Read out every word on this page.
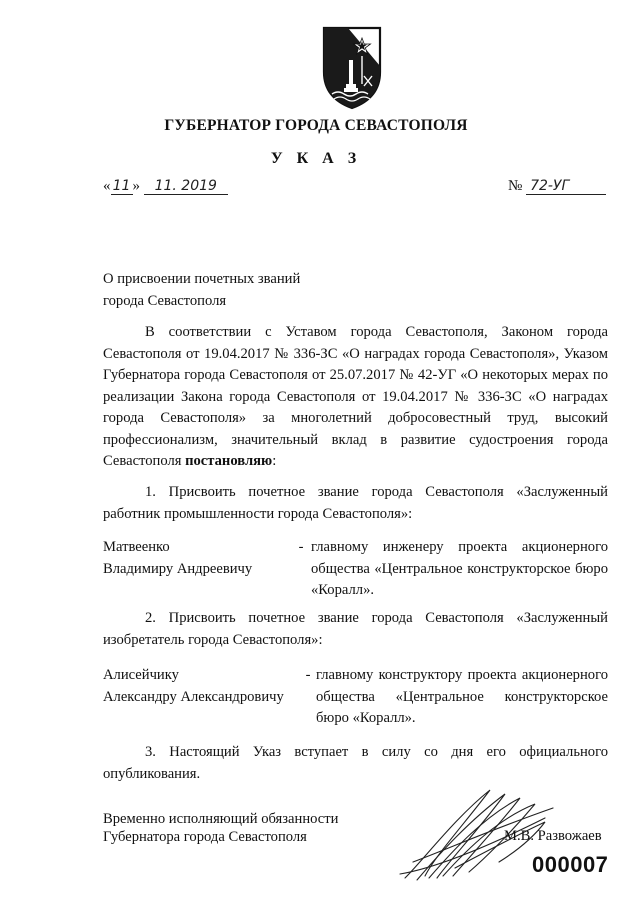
ГУБЕРНАТОР ГОРОДА СЕВАСТОПОЛЯ
У К А З
« 11 » 11. 2019	№ 72-УГ
О присвоении почетных званий
города Севастополя
В соответствии с Уставом города Севастополя, Законом города Севастополя от 19.04.2017 № 336-ЗС «О наградах города Севастополя», Указом Губернатора города Севастополя от 25.07.2017 № 42-УГ «О некоторых мерах по реализации Закона города Севастополя от 19.04.2017 № 336-ЗС «О наградах города Севастополя» за многолетний добросовестный труд, высокий профессионализм, значительный вклад в развитие судостроения города Севастополя постановляю:
1. Присвоить почетное звание города Севастополя «Заслуженный работник промышленности города Севастополя»:
Матвеенко
Владимиру Андреевичу
- главному инженеру проекта акционерного общества «Центральное конструкторское бюро «Коралл».
2. Присвоить почетное звание города Севастополя «Заслуженный изобретатель города Севастополя»:
Алисейчику
Александру Александровичу
- главному конструктору проекта акционерного общества «Центральное конструкторское бюро «Коралл».
3. Настоящий Указ вступает в силу со дня его официального опубликования.
Временно исполняющий обязанности
Губернатора города Севастополя	М.В. Развожаев
000007
